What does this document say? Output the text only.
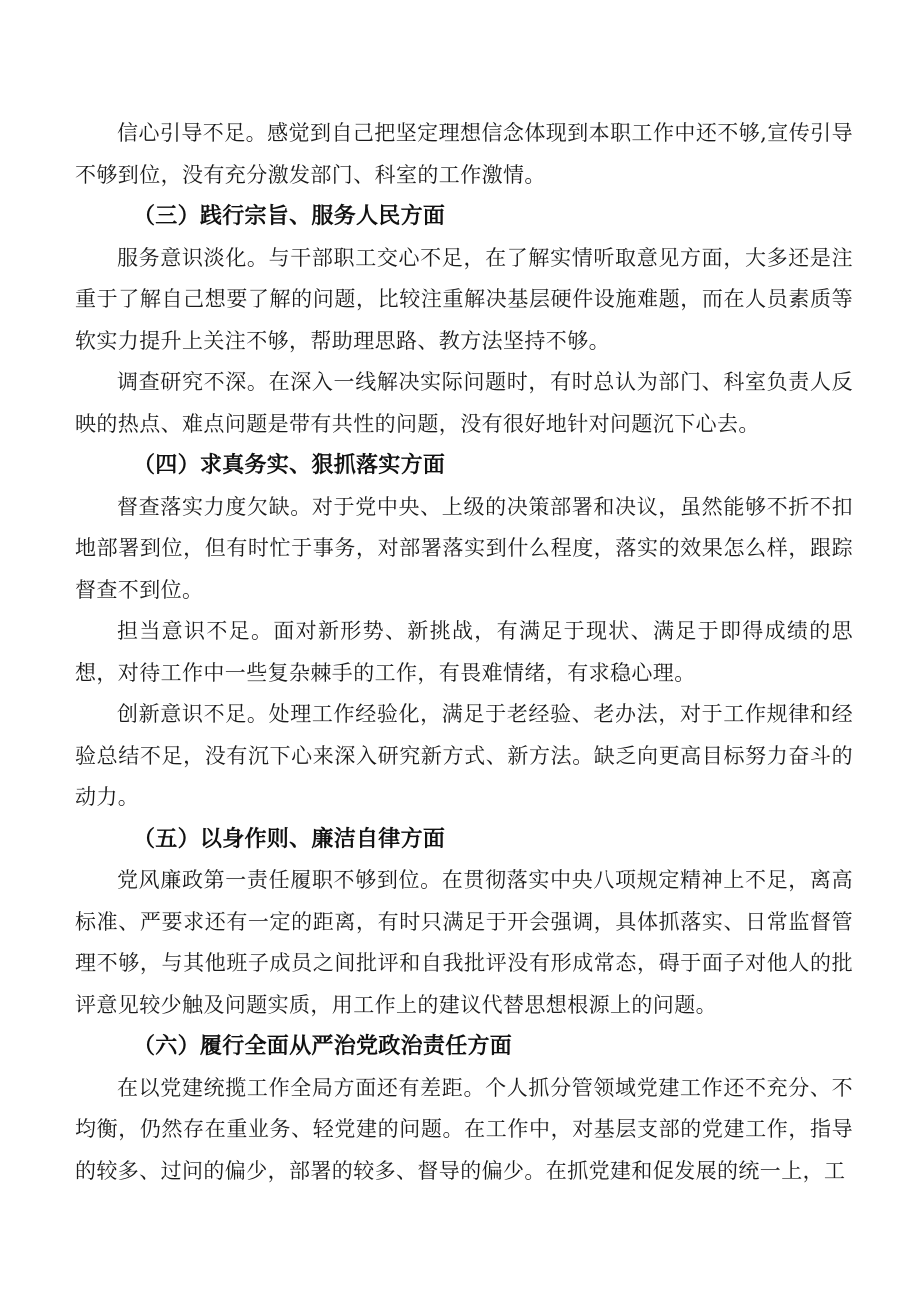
信心引导不足。感觉到自己把坚定理想信念体现到本职工作中还不够,宣传引导不够到位，没有充分激发部门、科室的工作激情。

（三）践行宗旨、服务人民方面

服务意识淡化。与干部职工交心不足，在了解实情听取意见方面，大多还是注重于了解自己想要了解的问题，比较注重解决基层硬件设施难题，而在人员素质等软实力提升上关注不够，帮助理思路、教方法坚持不够。

调查研究不深。在深入一线解决实际问题时，有时总认为部门、科室负责人反映的热点、难点问题是带有共性的问题，没有很好地针对问题沉下心去。

（四）求真务实、狠抓落实方面

督查落实力度欠缺。对于党中央、上级的决策部署和决议，虽然能够不折不扣地部署到位，但有时忙于事务，对部署落实到什么程度，落实的效果怎么样，跟踪督查不到位。

担当意识不足。面对新形势、新挑战，有满足于现状、满足于即得成绩的思想，对待工作中一些复杂棘手的工作，有畏难情绪，有求稳心理。

创新意识不足。处理工作经验化，满足于老经验、老办法，对于工作规律和经验总结不足，没有沉下心来深入研究新方式、新方法。缺乏向更高目标努力奋斗的动力。

（五）以身作则、廉洁自律方面

党风廉政第一责任履职不够到位。在贯彻落实中央八项规定精神上不足，离高标准、严要求还有一定的距离，有时只满足于开会强调，具体抓落实、日常监督管理不够，与其他班子成员之间批评和自我批评没有形成常态，碍于面子对他人的批评意见较少触及问题实质，用工作上的建议代替思想根源上的问题。

（六）履行全面从严治党政治责任方面

在以党建统揽工作全局方面还有差距。个人抓分管领域党建工作还不充分、不均衡，仍然存在重业务、轻党建的问题。在工作中，对基层支部的党建工作，指导的较多、过问的偏少，部署的较多、督导的偏少。在抓党建和促发展的统一上，工
